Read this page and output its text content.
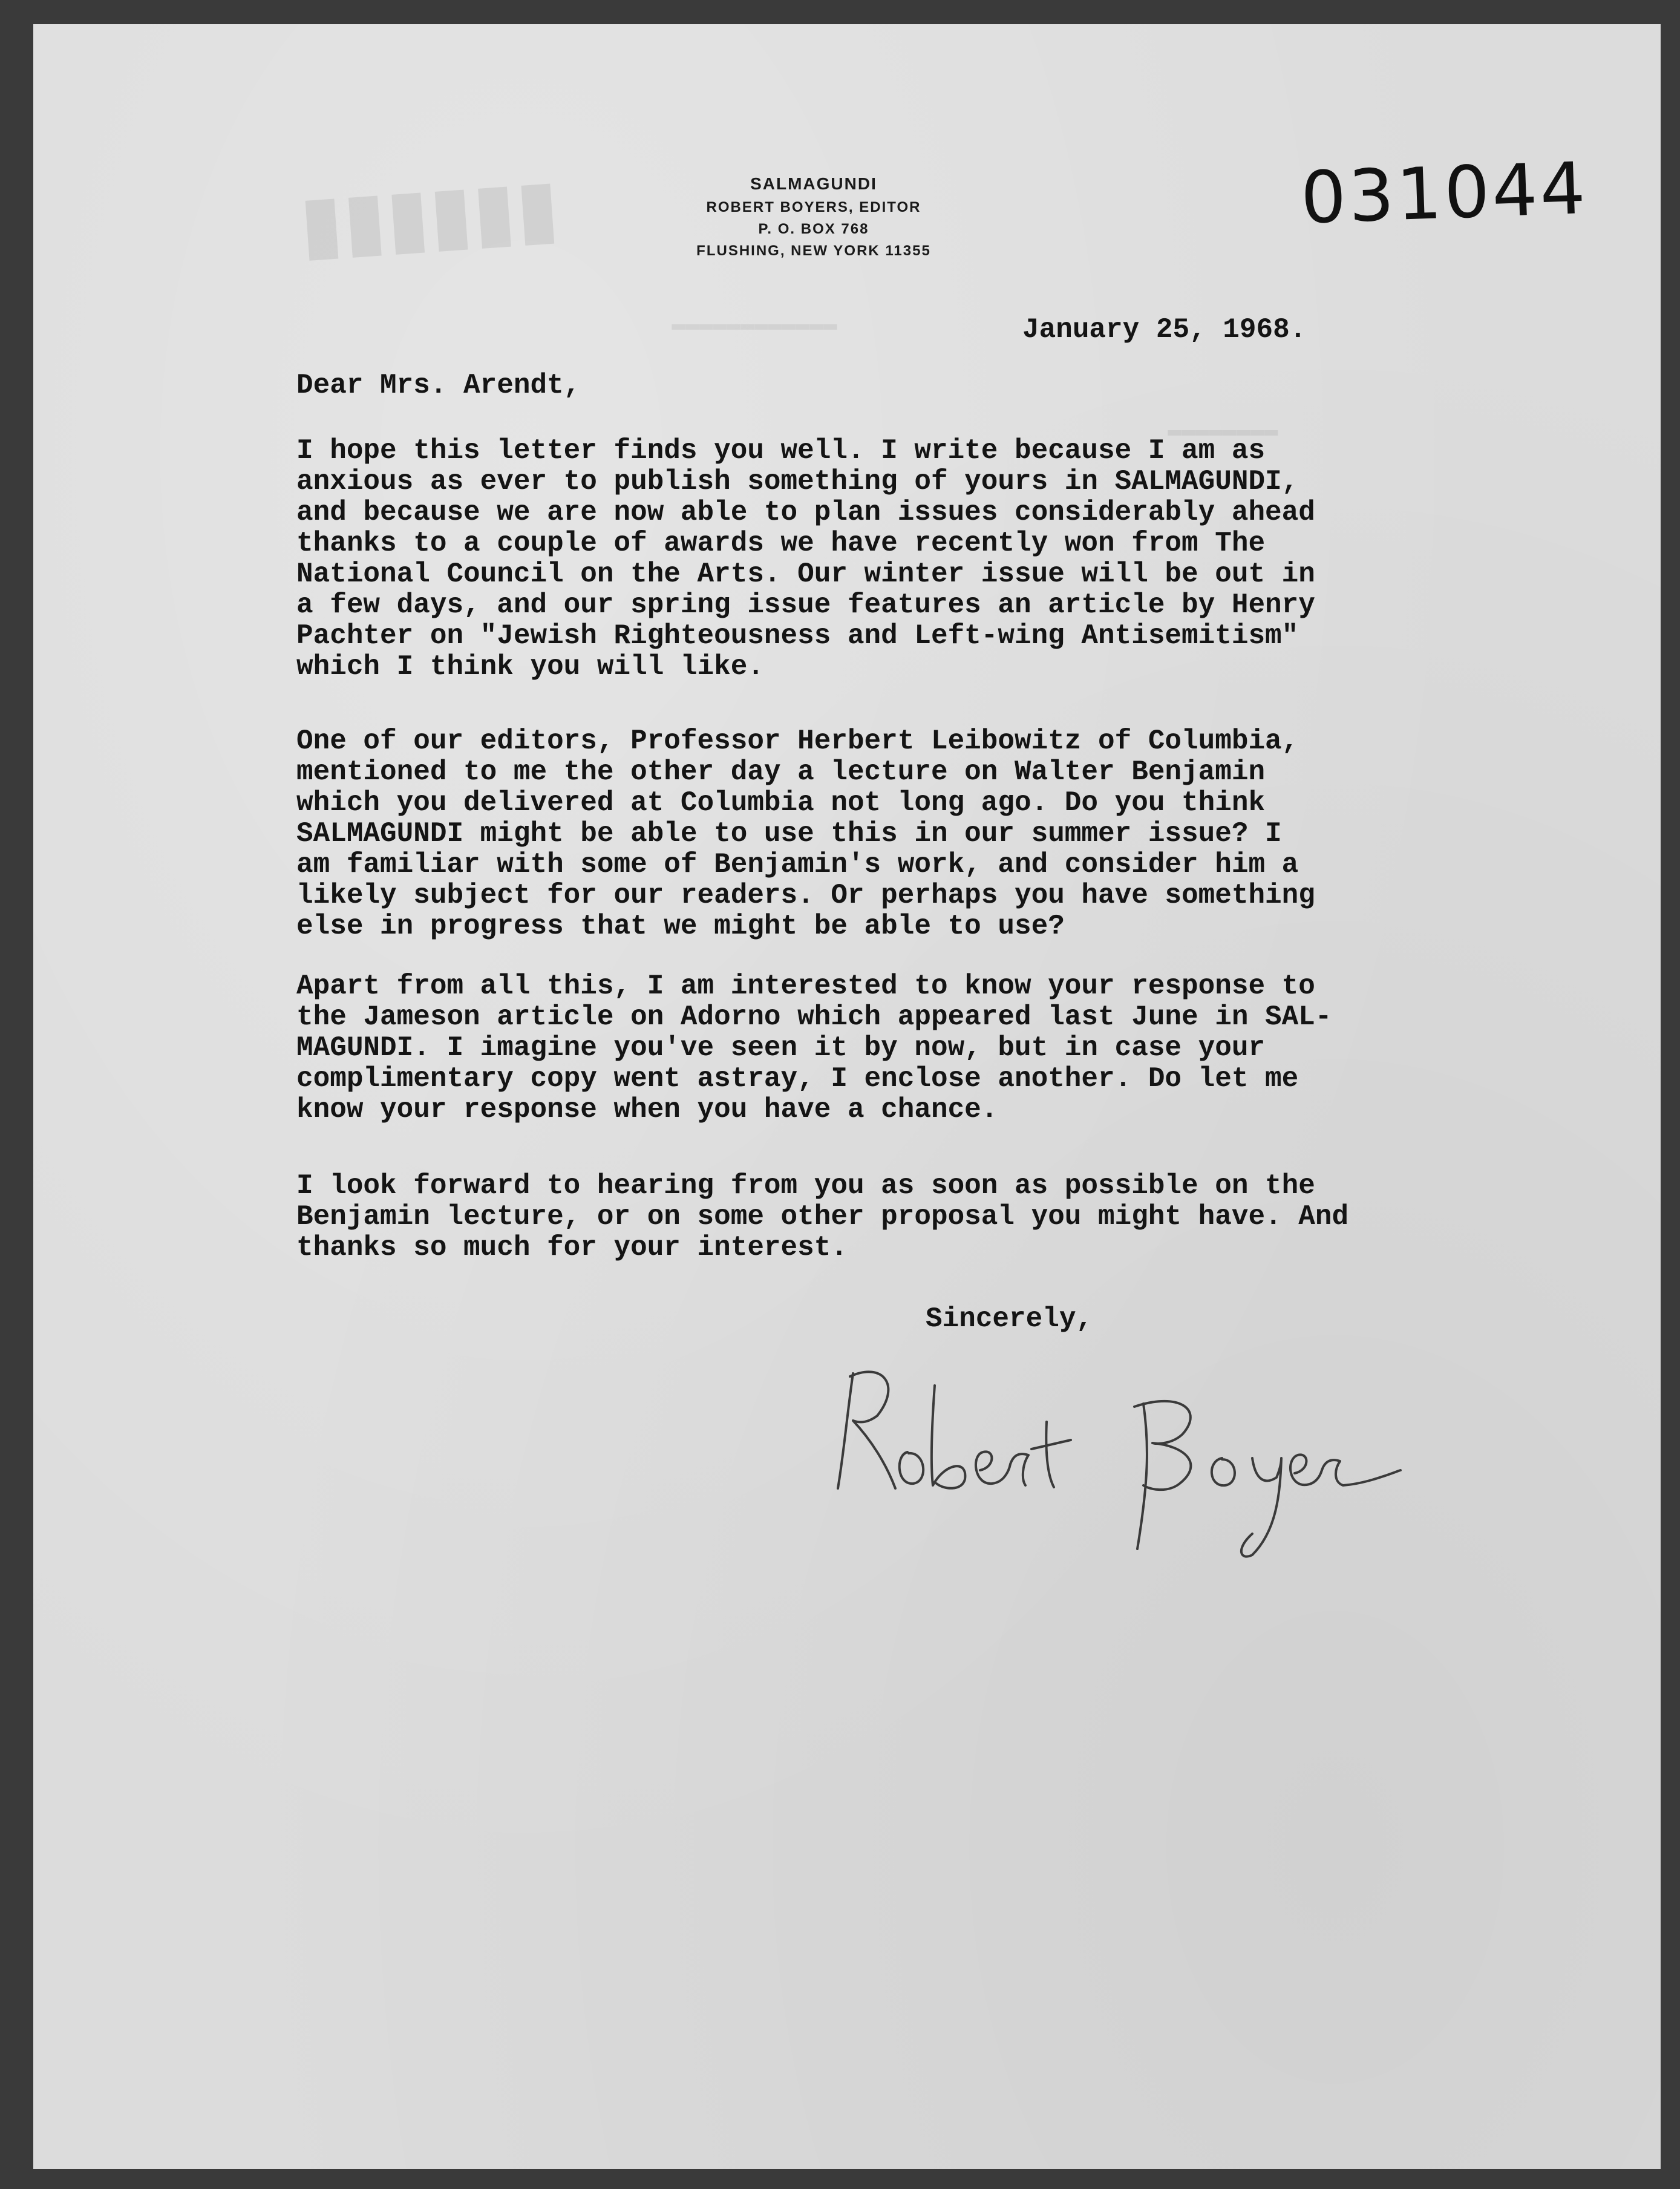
▮▮▮▮▮▮
▬▬▬▬▬▬▬▬▬▬▬▬
▬▬▬▬▬▬▬▬
SALMAGUNDI
ROBERT BOYERS, EDITOR
P. O. BOX 768
FLUSHING, NEW YORK 11355
031044
January 25, 1968.
Dear Mrs. Arendt,

I hope this letter finds you well. I write because I am as
anxious as ever to publish something of yours in SALMAGUNDI,
and because we are now able to plan issues considerably ahead
thanks to a couple of awards we have recently won from The
National Council on the Arts. Our winter issue will be out in
a few days, and our spring issue features an article by Henry
Pachter on "Jewish Righteousness and Left-wing Antisemitism"
which I think you will like.

One of our editors, Professor Herbert Leibowitz of Columbia,
mentioned to me the other day a lecture on Walter Benjamin
which you delivered at Columbia not long ago. Do you think
SALMAGUNDI might be able to use this in our summer issue? I
am familiar with some of Benjamin's work, and consider him a
likely subject for our readers. Or perhaps you have something
else in progress that we might be able to use?

Apart from all this, I am interested to know your response to
the Jameson article on Adorno which appeared last June in SAL-
MAGUNDI. I imagine you've seen it by now, but in case your
complimentary copy went astray, I enclose another. Do let me
know your response when you have a chance.

I look forward to hearing from you as soon as possible on the
Benjamin lecture, or on some other proposal you might have. And
thanks so much for your interest.

Sincerely,
